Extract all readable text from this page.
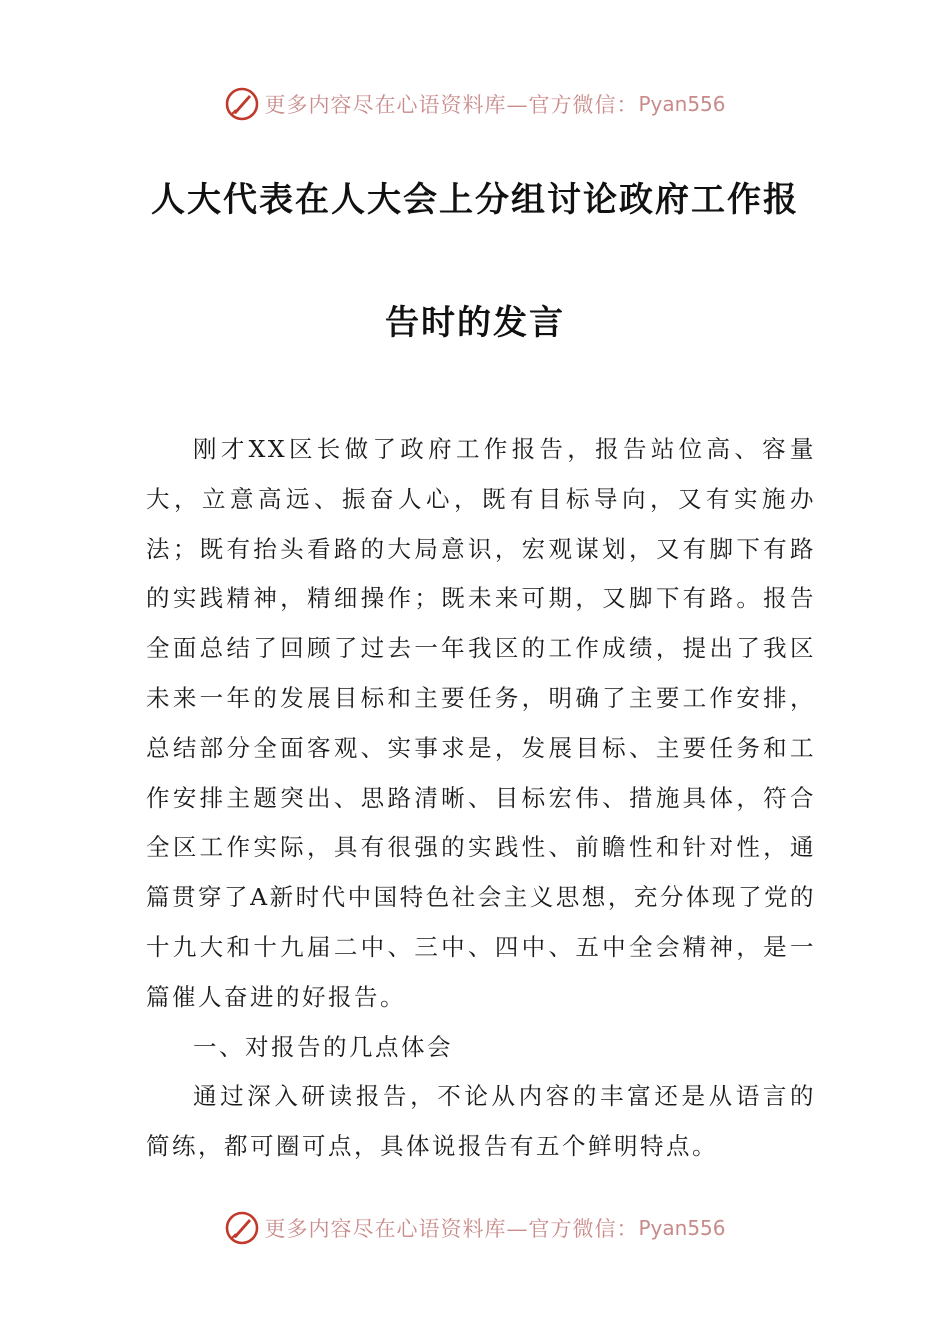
更多内容尽在心语资料库—官方微信： Pyan556
人大代表在人大会上分组讨论政府工作报
告时的发言

刚才XX区长做了政府工作报告，报告站位高、容量大，立意高远、振奋人心，既有目标导向，又有实施办法；既有抬头看路的大局意识，宏观谋划，又有脚下有路的实践精神，精细操作；既未来可期，又脚下有路。报告全面总结了回顾了过去一年我区的工作成绩，提出了我区未来一年的发展目标和主要任务，明确了主要工作安排，总结部分全面客观、实事求是，发展目标、主要任务和工作安排主题突出、思路清晰、目标宏伟、措施具体，符合全区工作实际，具有很强的实践性、前瞻性和针对性，通篇贯穿了A新时代中国特色社会主义思想，充分体现了党的十九大和十九届二中、三中、四中、五中全会精神，是一篇催人奋进的好报告。

一、对报告的几点体会

通过深入研读报告，不论从内容的丰富还是从语言的简练，都可圈可点，具体说报告有五个鲜明特点。

更多内容尽在心语资料库—官方微信： Pyan556
